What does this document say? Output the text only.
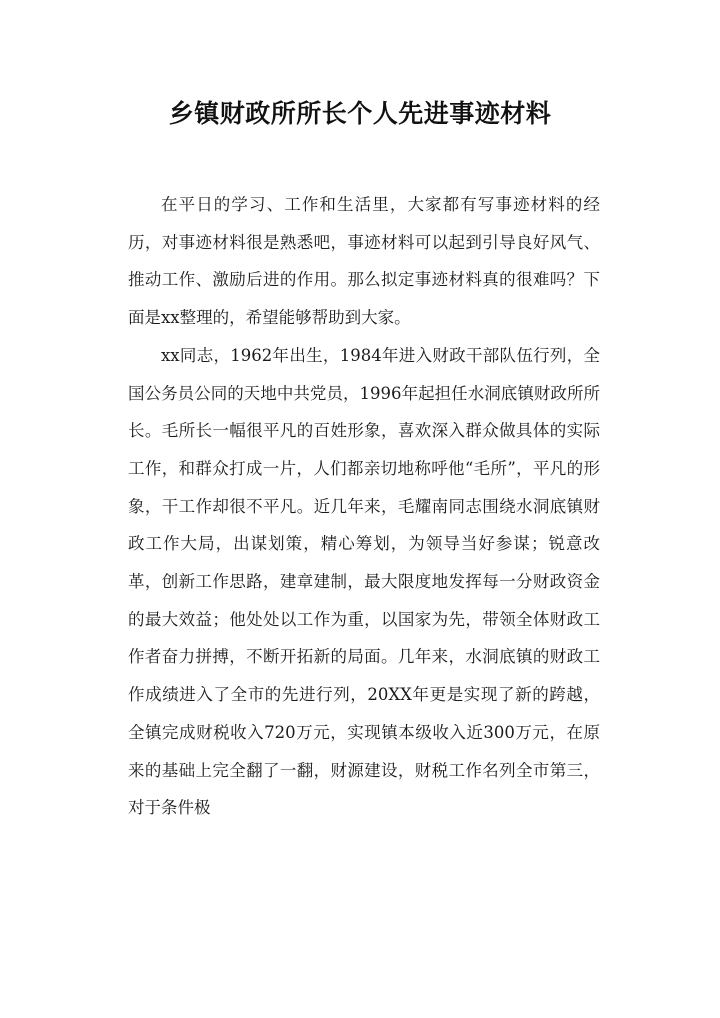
乡镇财政所所长个人先进事迹材料

在平日的学习、工作和生活里，大家都有写事迹材料的经历，对事迹材料很是熟悉吧，事迹材料可以起到引导良好风气、推动工作、激励后进的作用。那么拟定事迹材料真的很难吗？下面是xx整理的，希望能够帮助到大家。

xx同志，1962年出生，1984年进入财政干部队伍行列，全国公务员公同的天地中共党员，1996年起担任水洞底镇财政所所长。毛所长一幅很平凡的百姓形象，喜欢深入群众做具体的实际工作，和群众打成一片，人们都亲切地称呼他“毛所”，平凡的形象，干工作却很不平凡。近几年来，毛耀南同志围绕水洞底镇财政工作大局，出谋划策，精心筹划，为领导当好参谋；锐意改革，创新工作思路，建章建制，最大限度地发挥每一分财政资金的最大效益；他处处以工作为重，以国家为先，带领全体财政工作者奋力拼搏，不断开拓新的局面。几年来，水洞底镇的财政工作成绩进入了全市的先进行列，20XX年更是实现了新的跨越，全镇完成财税收入720万元，实现镇本级收入近300万元，在原来的基础上完全翻了一翻，财源建设，财税工作名列全市第三，对于条件极
